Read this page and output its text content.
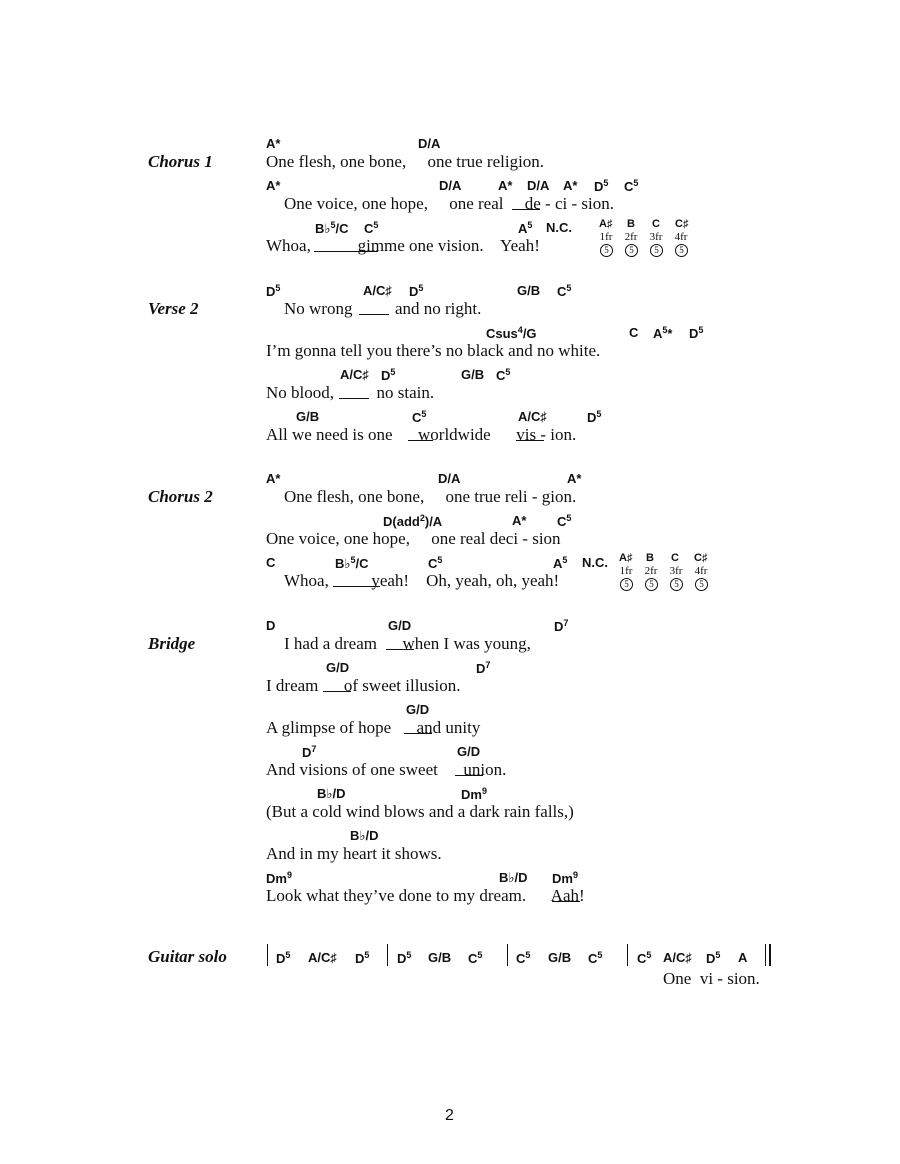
Chorus 1
A*	D/A
One flesh, one bone,     one true religion.
A*	D/A	A* D/A A* $D^5$ $C^5$
One voice, one hope,     one real     de - ci - sion.
B♭$^5$/C $C^5$	$A^5$ N.C.
Whoa,           gimme one vision.    Yeah!
A♯ B C C♯
1fr	2fr	3fr	4fr
5	5	5	5
Verse 2
$D^5$	A/C♯ $D^5$	G/B $C^5$
No wrong          and no right.
Csus$^4$/G	C $A^5*$ $D^5$
I’m gonna tell you there’s no black and no white.
A/C♯ $D^5$	G/B $C^5$
No blood,          no stain.
G/B	$C^5$	A/C♯	$D^5$
All we need is one      worldwide      vis - ion.
Chorus 2
A*	D/A	A*
One flesh, one bone,     one true reli - gion.
D(add$^2$)/A	A* $C^5$
One voice, one hope,     one real deci - sion
C	B♭$^5$/C	$C^5$	$A^5$ N.C.
Whoa,          yeah!    Oh, yeah, oh, yeah!
A♯ B C C♯
1fr	2fr	3fr	4fr
5	5	5	5
Bridge
D	G/D	$D^7$
I had a dream      when I was young,
G/D	$D^7$
I dream      of sweet illusion.
G/D
A glimpse of hope      and unity
$D^7$	G/D
And visions of one sweet      union.
B♭/D	Dm$^9$
(But a cold wind blows and a dark rain falls,)
B♭/D
And in my heart it shows.
Dm$^9$	B♭/D Dm$^9$
Look what they’ve done to my dream.      Aah!
Guitar solo	$D^5$ A/C♯ $D^5$ $D^5$ G/B $C^5$	$C^5$ G/B $C^5$	$C^5$ A/C♯ $D^5$ A
One  vi - sion.
2
